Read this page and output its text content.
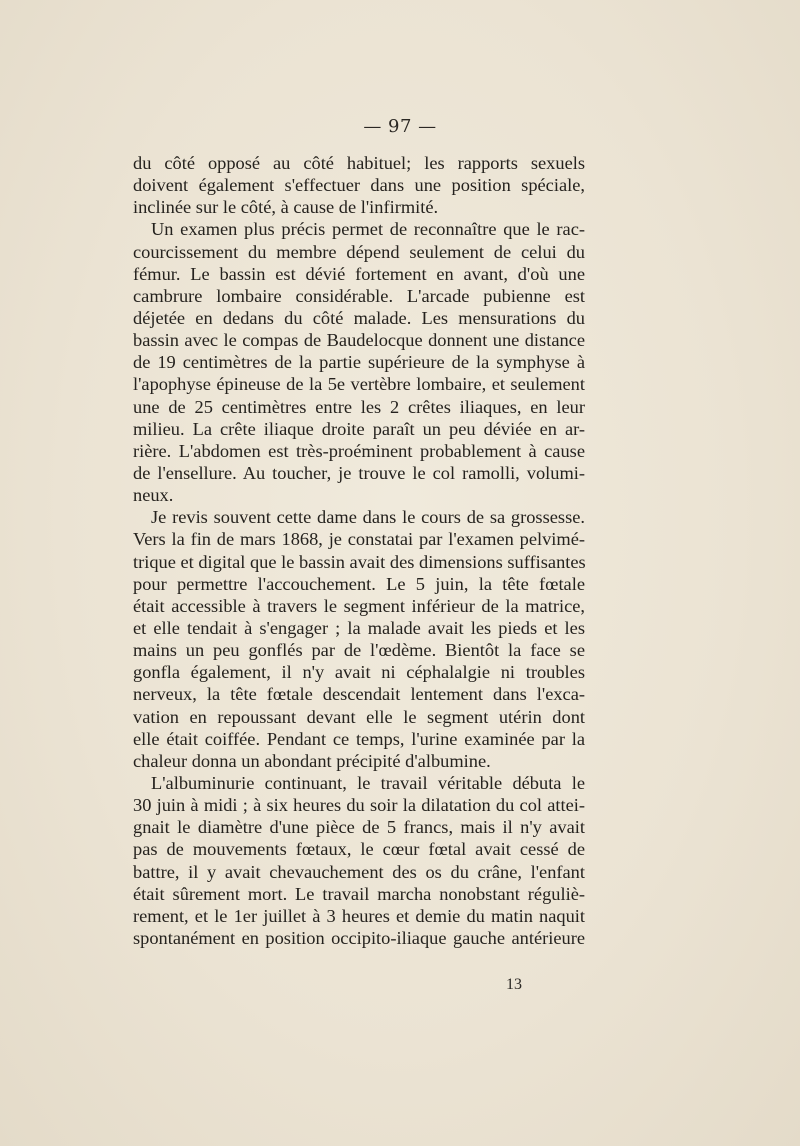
— 97 —
du côté opposé au côté habituel; les rapports sexuels
doivent également s'effectuer dans une position spéciale,
inclinée sur le côté, à cause de l'infirmité.
Un examen plus précis permet de reconnaître que le rac-
courcissement du membre dépend seulement de celui du
fémur. Le bassin est dévié fortement en avant, d'où une
cambrure lombaire considérable. L'arcade pubienne est
déjetée en dedans du côté malade. Les mensurations du
bassin avec le compas de Baudelocque donnent une distance
de 19 centimètres de la partie supérieure de la symphyse à
l'apophyse épineuse de la 5e vertèbre lombaire, et seulement
une de 25 centimètres entre les 2 crêtes iliaques, en leur
milieu. La crête iliaque droite paraît un peu déviée en ar-
rière. L'abdomen est très-proéminent probablement à cause
de l'ensellure. Au toucher, je trouve le col ramolli, volumi-
neux.
Je revis souvent cette dame dans le cours de sa grossesse.
Vers la fin de mars 1868, je constatai par l'examen pelvimé-
trique et digital que le bassin avait des dimensions suffisantes
pour permettre l'accouchement. Le 5 juin, la tête fœtale
était accessible à travers le segment inférieur de la matrice,
et elle tendait à s'engager ; la malade avait les pieds et les
mains un peu gonflés par de l'œdème. Bientôt la face se
gonfla également, il n'y avait ni céphalalgie ni troubles
nerveux, la tête fœtale descendait lentement dans l'exca-
vation en repoussant devant elle le segment utérin dont
elle était coiffée. Pendant ce temps, l'urine examinée par la
chaleur donna un abondant précipité d'albumine.
L'albuminurie continuant, le travail véritable débuta le
30 juin à midi ; à six heures du soir la dilatation du col attei-
gnait le diamètre d'une pièce de 5 francs, mais il n'y avait
pas de mouvements fœtaux, le cœur fœtal avait cessé de
battre, il y avait chevauchement des os du crâne, l'enfant
était sûrement mort. Le travail marcha nonobstant réguliè-
rement, et le 1er juillet à 3 heures et demie du matin naquit
spontanément en position occipito-iliaque gauche antérieure
13
